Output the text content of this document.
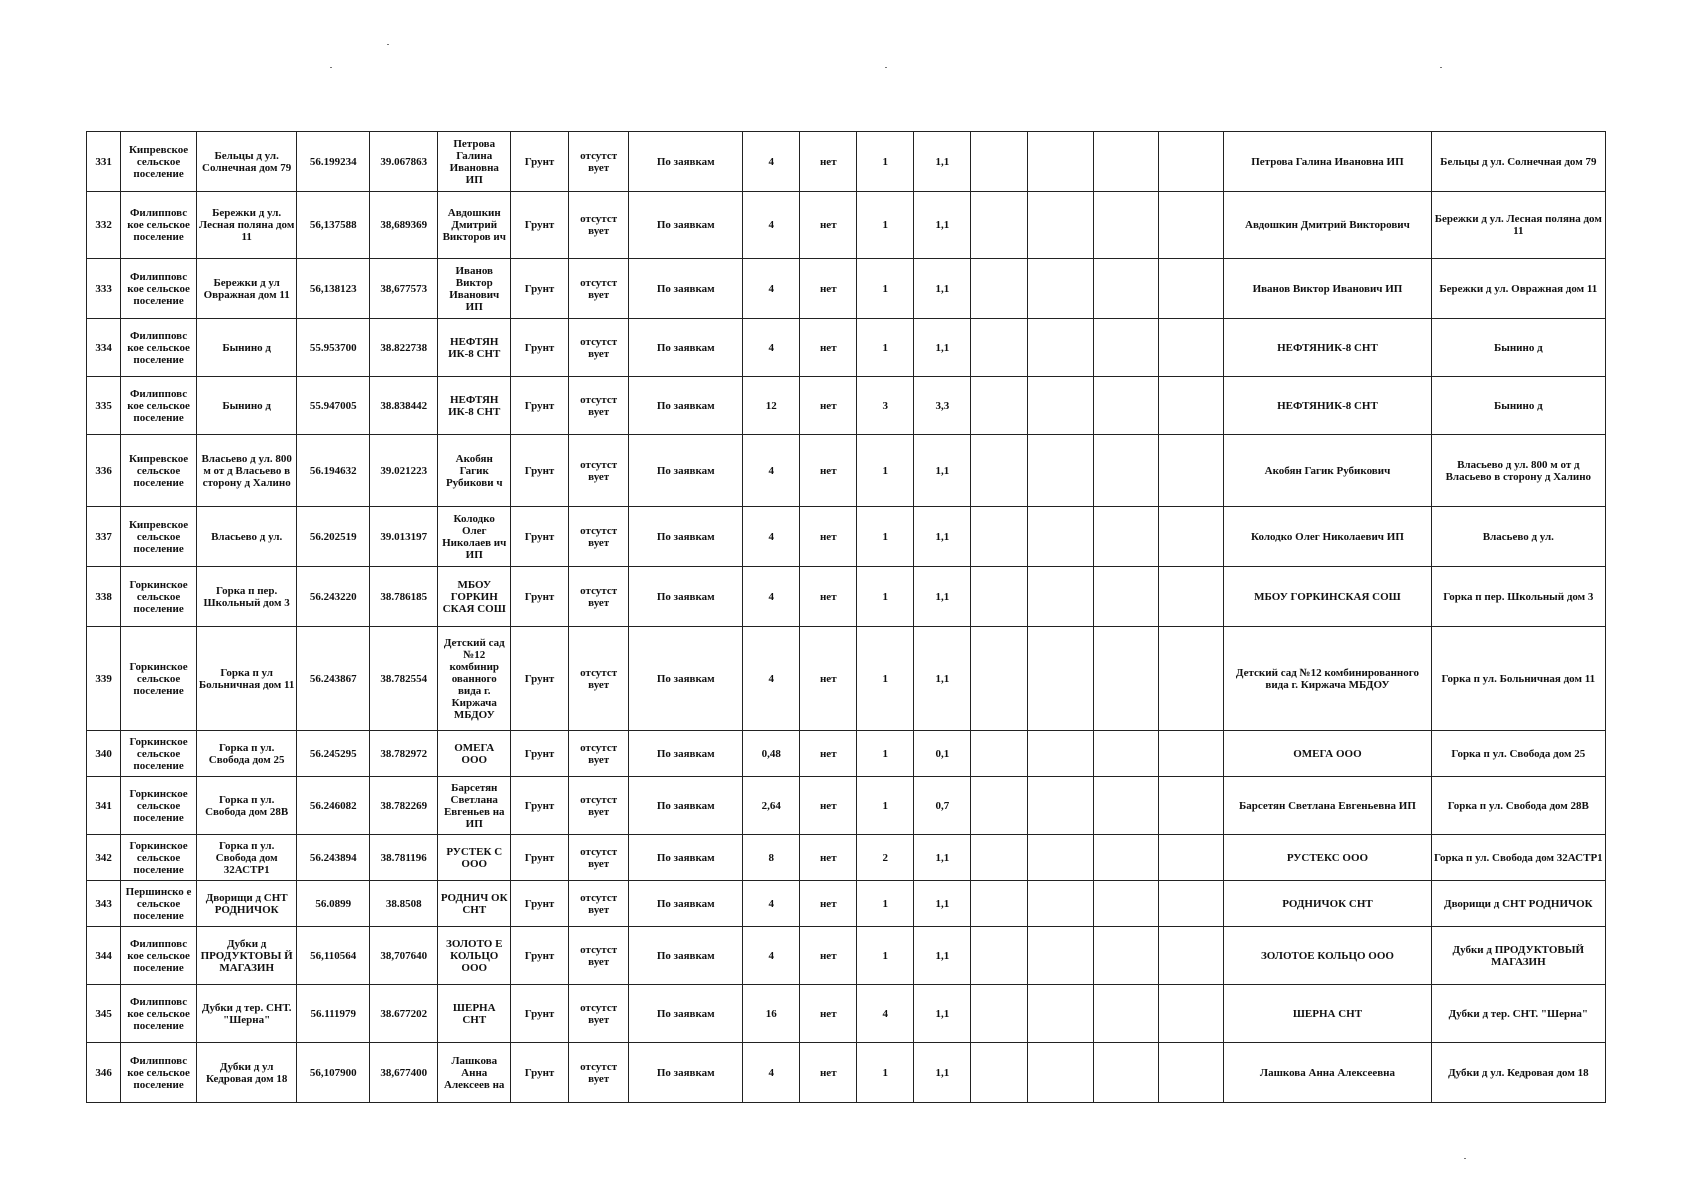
331	Кипревское сельское поселение	Бельцы д ул. Солнечная дом 79	56.199234	39.067863	Петрова Галина Ивановна ИП	Грунт	отсутст вует	По заявкам	4	нет	1	1,1					Петрова Галина Ивановна ИП	Бельцы д ул. Солнечная дом 79
332	Филипповс кое сельское поселение	Бережки д ул. Лесная поляна дом 11	56,137588	38,689369	Авдошкин Дмитрий Викторов ич	Грунт	отсутст вует	По заявкам	4	нет	1	1,1					Авдошкин Дмитрий Викторович	Бережки д ул. Лесная поляна дом 11
333	Филипповс кое сельское поселение	Бережки д ул Овражная дом 11	56,138123	38,677573	Иванов Виктор Иванович ИП	Грунт	отсутст вует	По заявкам	4	нет	1	1,1					Иванов Виктор Иванович ИП	Бережки д ул. Овражная дом 11
334	Филипповс кое сельское поселение	Бынино д	55.953700	38.822738	НЕФТЯН ИК-8 СНТ	Грунт	отсутст вует	По заявкам	4	нет	1	1,1					НЕФТЯНИК-8 СНТ	Бынино д
335	Филипповс кое сельское поселение	Бынино д	55.947005	38.838442	НЕФТЯН ИК-8 СНТ	Грунт	отсутст вует	По заявкам	12	нет	3	3,3					НЕФТЯНИК-8 СНТ	Бынино д
336	Кипревское сельское поселение	Власьево д ул. 800 м от д Власьево в сторону д Халино	56.194632	39.021223	Акобян Гагик Рубикови ч	Грунт	отсутст вует	По заявкам	4	нет	1	1,1					Акобян Гагик Рубикович	Власьево д ул. 800 м от д Власьево в сторону д Халино
337	Кипревское сельское поселение	Власьево д ул.	56.202519	39.013197	Колодко Олег Николаев ич ИП	Грунт	отсутст вует	По заявкам	4	нет	1	1,1					Колодко Олег Николаевич ИП	Власьево д ул.
338	Горкинское сельское поселение	Горка п пер. Школьный дом 3	56.243220	38.786185	МБОУ ГОРКИН СКАЯ СОШ	Грунт	отсутст вует	По заявкам	4	нет	1	1,1					МБОУ ГОРКИНСКАЯ СОШ	Горка п пер. Школьный дом 3
339	Горкинское сельское поселение	Горка п ул Больничная дом 11	56.243867	38.782554	Детский сад №12 комбинир ованного вида г. Киржача МБДОУ	Грунт	отсутст вует	По заявкам	4	нет	1	1,1					Детский сад №12 комбинированного вида г. Киржача МБДОУ	Горка п ул. Больничная дом 11
340	Горкинское сельское поселение	Горка п ул. Свобода дом 25	56.245295	38.782972	ОМЕГА ООО	Грунт	отсутст вует	По заявкам	0,48	нет	1	0,1					ОМЕГА ООО	Горка п ул. Свобода дом 25
341	Горкинское сельское поселение	Горка п ул. Свобода дом 28В	56.246082	38.782269	Барсетян Светлана Евгеньев на ИП	Грунт	отсутст вует	По заявкам	2,64	нет	1	0,7					Барсетян Светлана Евгеньевна ИП	Горка п ул. Свобода дом 28В
342	Горкинское сельское поселение	Горка п ул. Свобода дом 32АСТР1	56.243894	38.781196	РУСТЕК С ООО	Грунт	отсутст вует	По заявкам	8	нет	2	1,1					РУСТЕКС ООО	Горка п ул. Свобода дом 32АСТР1
343	Першинско е сельское поселение	Дворищи д СНТ РОДНИЧОК	56.0899	38.8508	РОДНИЧ ОК СНТ	Грунт	отсутст вует	По заявкам	4	нет	1	1,1					РОДНИЧОК СНТ	Дворищи д СНТ РОДНИЧОК
344	Филипповс кое сельское поселение	Дубки д ПРОДУКТОВЫ Й МАГАЗИН	56,110564	38,707640	ЗОЛОТО Е КОЛЬЦО ООО	Грунт	отсутст вует	По заявкам	4	нет	1	1,1					ЗОЛОТОЕ КОЛЬЦО ООО	Дубки д ПРОДУКТОВЫЙ МАГАЗИН
345	Филипповс кое сельское поселение	Дубки д тер. СНТ. "Шерна"	56.111979	38.677202	ШЕРНА СНТ	Грунт	отсутст вует	По заявкам	16	нет	4	1,1					ШЕРНА СНТ	Дубки д тер. СНТ. "Шерна"
346	Филипповс кое сельское поселение	Дубки д ул Кедровая дом 18	56,107900	38,677400	Лашкова Анна Алексеев на	Грунт	отсутст вует	По заявкам	4	нет	1	1,1					Лашкова Анна Алексеевна	Дубки д ул. Кедровая дом 18
